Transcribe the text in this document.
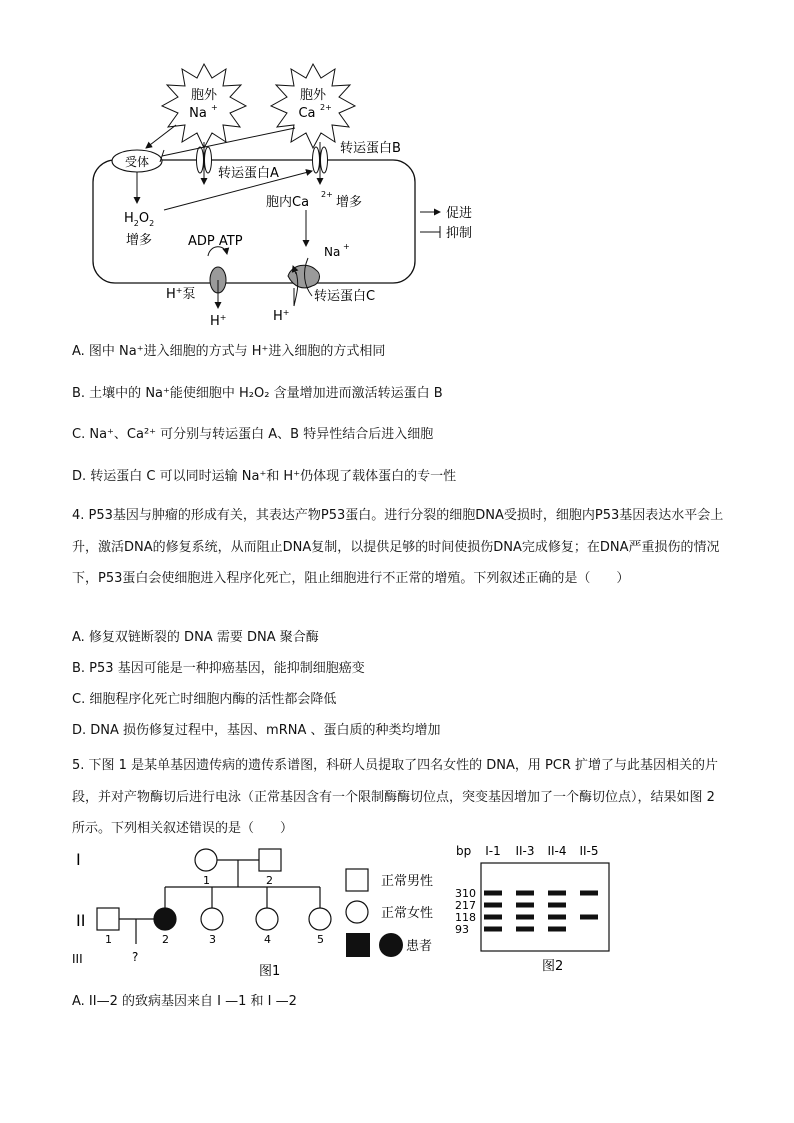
胞外
Na +
胞外
Ca 2+
受体
转运蛋白A
转运蛋白B
$H_2O_2$
增多
胞内Ca
2+
增多
Na +
ADP ATP
H+泵
H+	H+
转运蛋白C
促进
抑制
A. 图中 Na⁺进入细胞的方式与 H⁺进入细胞的方式相同
B. 土壤中的 Na⁺能使细胞中 H₂O₂ 含量增加进而激活转运蛋白 B
C. Na⁺、Ca²⁺ 可分别与转运蛋白 A、B 特异性结合后进入细胞
D. 转运蛋白 C 可以同时运输 Na⁺和 H⁺仍体现了载体蛋白的专一性
4. P53基因与肿瘤的形成有关，其表达产物P53蛋白。进行分裂的细胞DNA受损时，细胞内P53基因表达水平会上升，激活DNA的修复系统，从而阻止DNA复制，以提供足够的时间使损伤DNA完成修复；在DNA严重损伤的情况下，P53蛋白会使细胞进入程序化死亡，阻止细胞进行不正常的增殖。下列叙述正确的是（　　）
A. 修复双链断裂的 DNA 需要 DNA 聚合酶
B. P53 基因可能是一种抑癌基因，能抑制细胞癌变
C. 细胞程序化死亡时细胞内酶的活性都会降低
D. DNA 损伤修复过程中，基因、mRNA 、蛋白质的种类均增加
5. 下图 1 是某单基因遗传病的遗传系谱图，科研人员提取了四名女性的 DNA，用 PCR 扩增了与此基因相关的片段，并对产物酶切后进行电泳（正常基因含有一个限制酶酶切位点，突变基因增加了一个酶切位点），结果如图 2 所示。下列相关叙述错误的是（　　）
I
II
III
1	2
1	2	3	4	5
?
正常男性
正常女性
患者
图1
bp I-1 II-3 II-4 II-5
310
217
118
93
图2
A. II—2 的致病基因来自 I —1 和 I —2
